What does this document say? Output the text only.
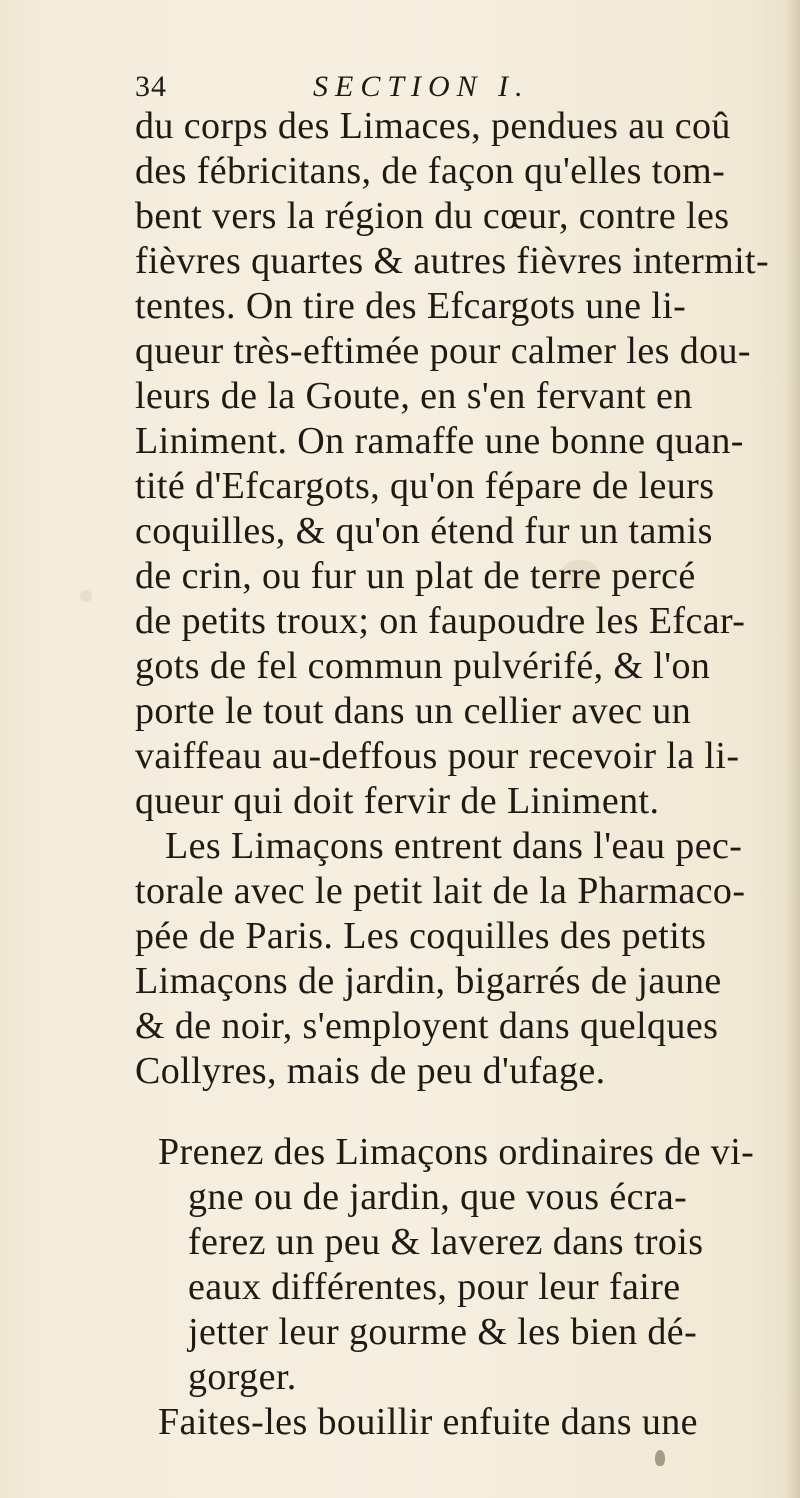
34	SECTION I.
du corps des Limaces, pendues au coû
des fébricitans, de façon qu'elles tom-
bent vers la région du cœur, contre les
fièvres quartes & autres fièvres intermit-
tentes. On tire des Efcargots une li-
queur très-eftimée pour calmer les dou-
leurs de la Goute, en s'en fervant en
Liniment. On ramaffe une bonne quan-
tité d'Efcargots, qu'on fépare de leurs
coquilles, & qu'on étend fur un tamis
de crin, ou fur un plat de terre percé
de petits troux; on faupoudre les Efcar-
gots de fel commun pulvérifé, & l'on
porte le tout dans un cellier avec un
vaiffeau au-deffous pour recevoir la li-
queur qui doit fervir de Liniment.
Les Limaçons entrent dans l'eau pec-
torale avec le petit lait de la Pharmaco-
pée de Paris. Les coquilles des petits
Limaçons de jardin, bigarrés de jaune
& de noir, s'employent dans quelques
Collyres, mais de peu d'ufage.
Prenez des Limaçons ordinaires de vi-
gne ou de jardin, que vous écra-
ferez un peu & laverez dans trois
eaux différentes, pour leur faire
jetter leur gourme & les bien dé-
gorger.
Faites-les bouillir enfuite dans une
